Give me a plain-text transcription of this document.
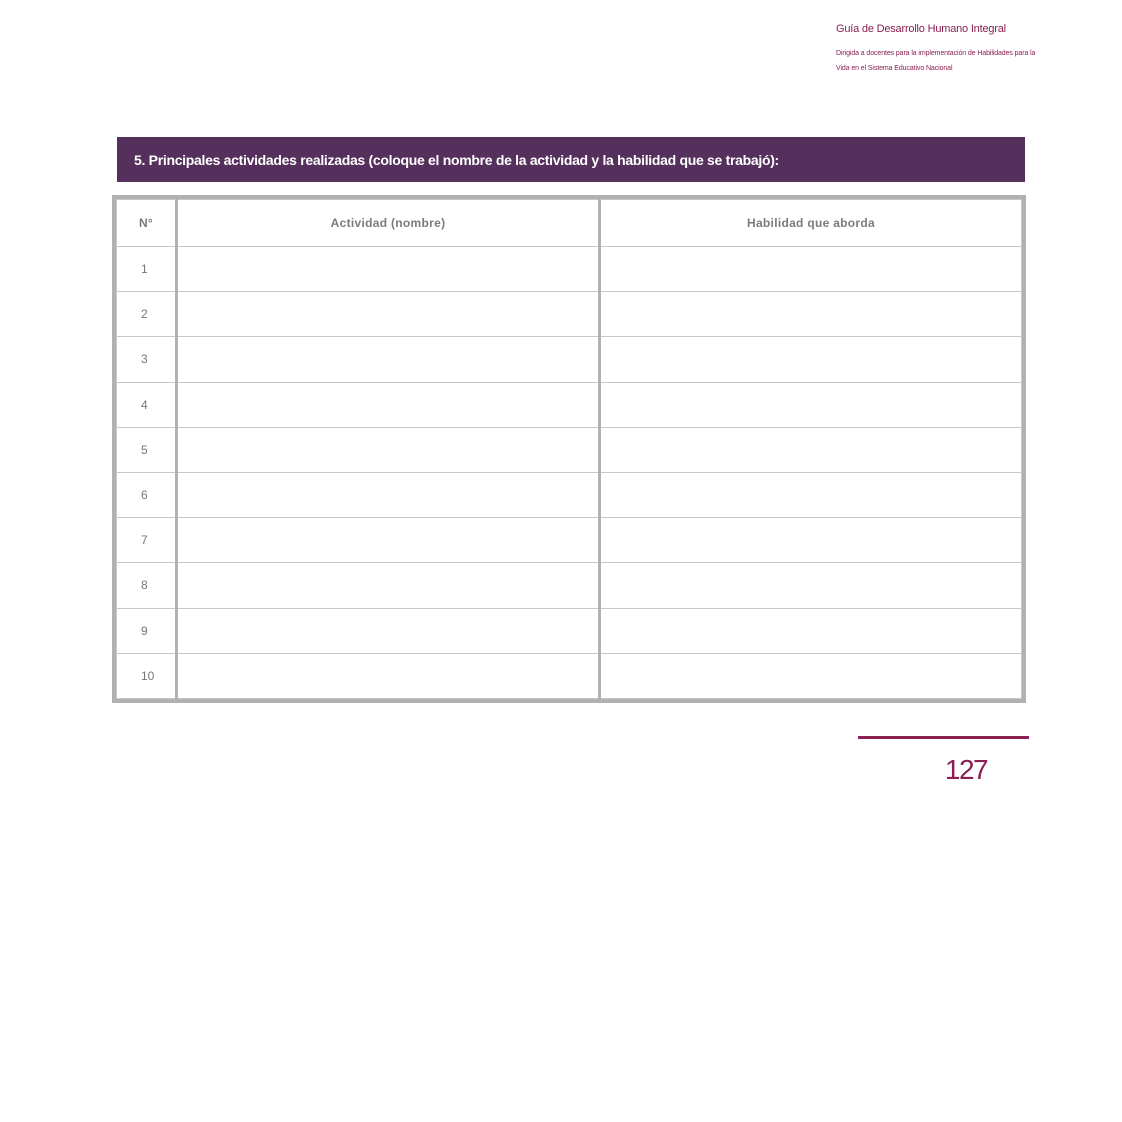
Guía de Desarrollo Humano Integral
Dirigida a docentes para la implementación de Habilidades para la
Vida en el Sistema Educativo Nacional
5. Principales actividades realizadas (coloque el nombre de la actividad y la habilidad que se trabajó):
N°	Actividad (nombre)	Habilidad que aborda
1		
2		
3		
4		
5		
6		
7		
8		
9		
10		
127
